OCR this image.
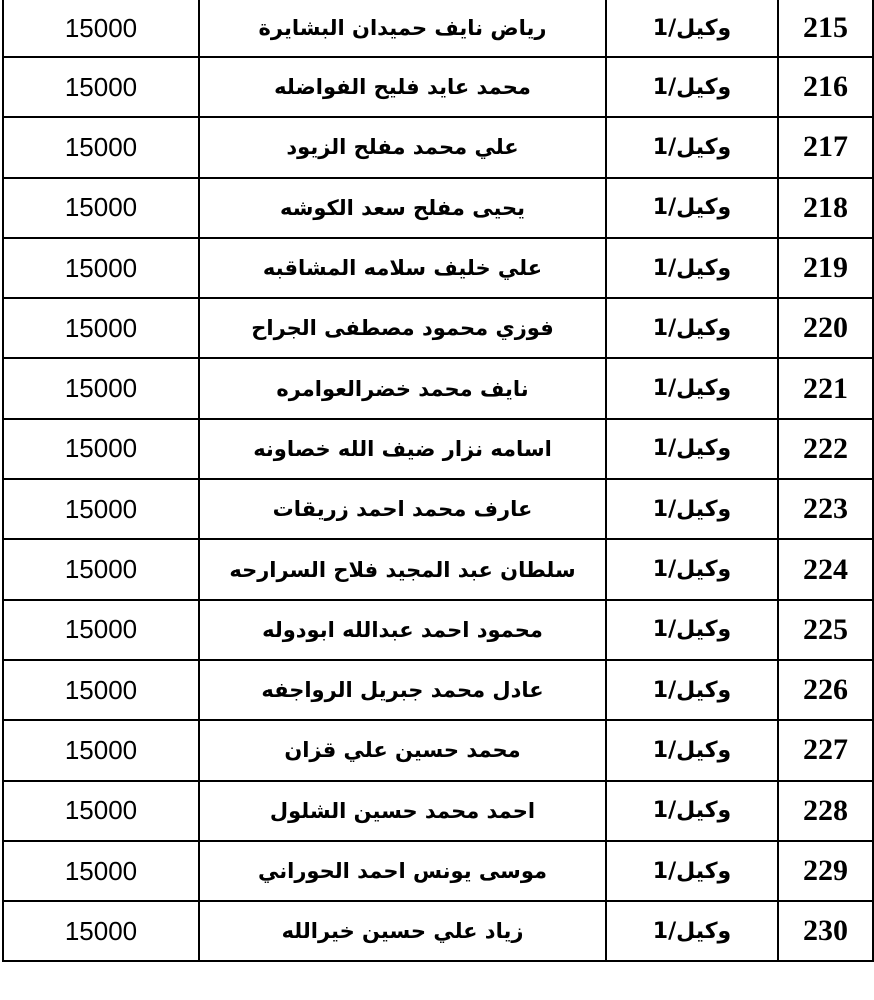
215	وكيل/1	رياض نايف حميدان البشايرة	15000
216	وكيل/1	محمد عايد فليح الفواضله	15000
217	وكيل/1	علي محمد مفلح الزيود	15000
218	وكيل/1	يحيى مفلح سعد الكوشه	15000
219	وكيل/1	علي خليف سلامه المشاقبه	15000
220	وكيل/1	فوزي محمود مصطفى الجراح	15000
221	وكيل/1	نايف محمد خضرالعوامره	15000
222	وكيل/1	اسامه نزار ضيف الله خصاونه	15000
223	وكيل/1	عارف محمد احمد زريقات	15000
224	وكيل/1	سلطان عبد المجيد فلاح السرارحه	15000
225	وكيل/1	محمود احمد عبدالله ابودوله	15000
226	وكيل/1	عادل محمد جبريل الرواجفه	15000
227	وكيل/1	محمد حسين علي قزان	15000
228	وكيل/1	احمد محمد حسين الشلول	15000
229	وكيل/1	موسى يونس احمد الحوراني	15000
230	وكيل/1	زياد علي حسين خيرالله	15000
